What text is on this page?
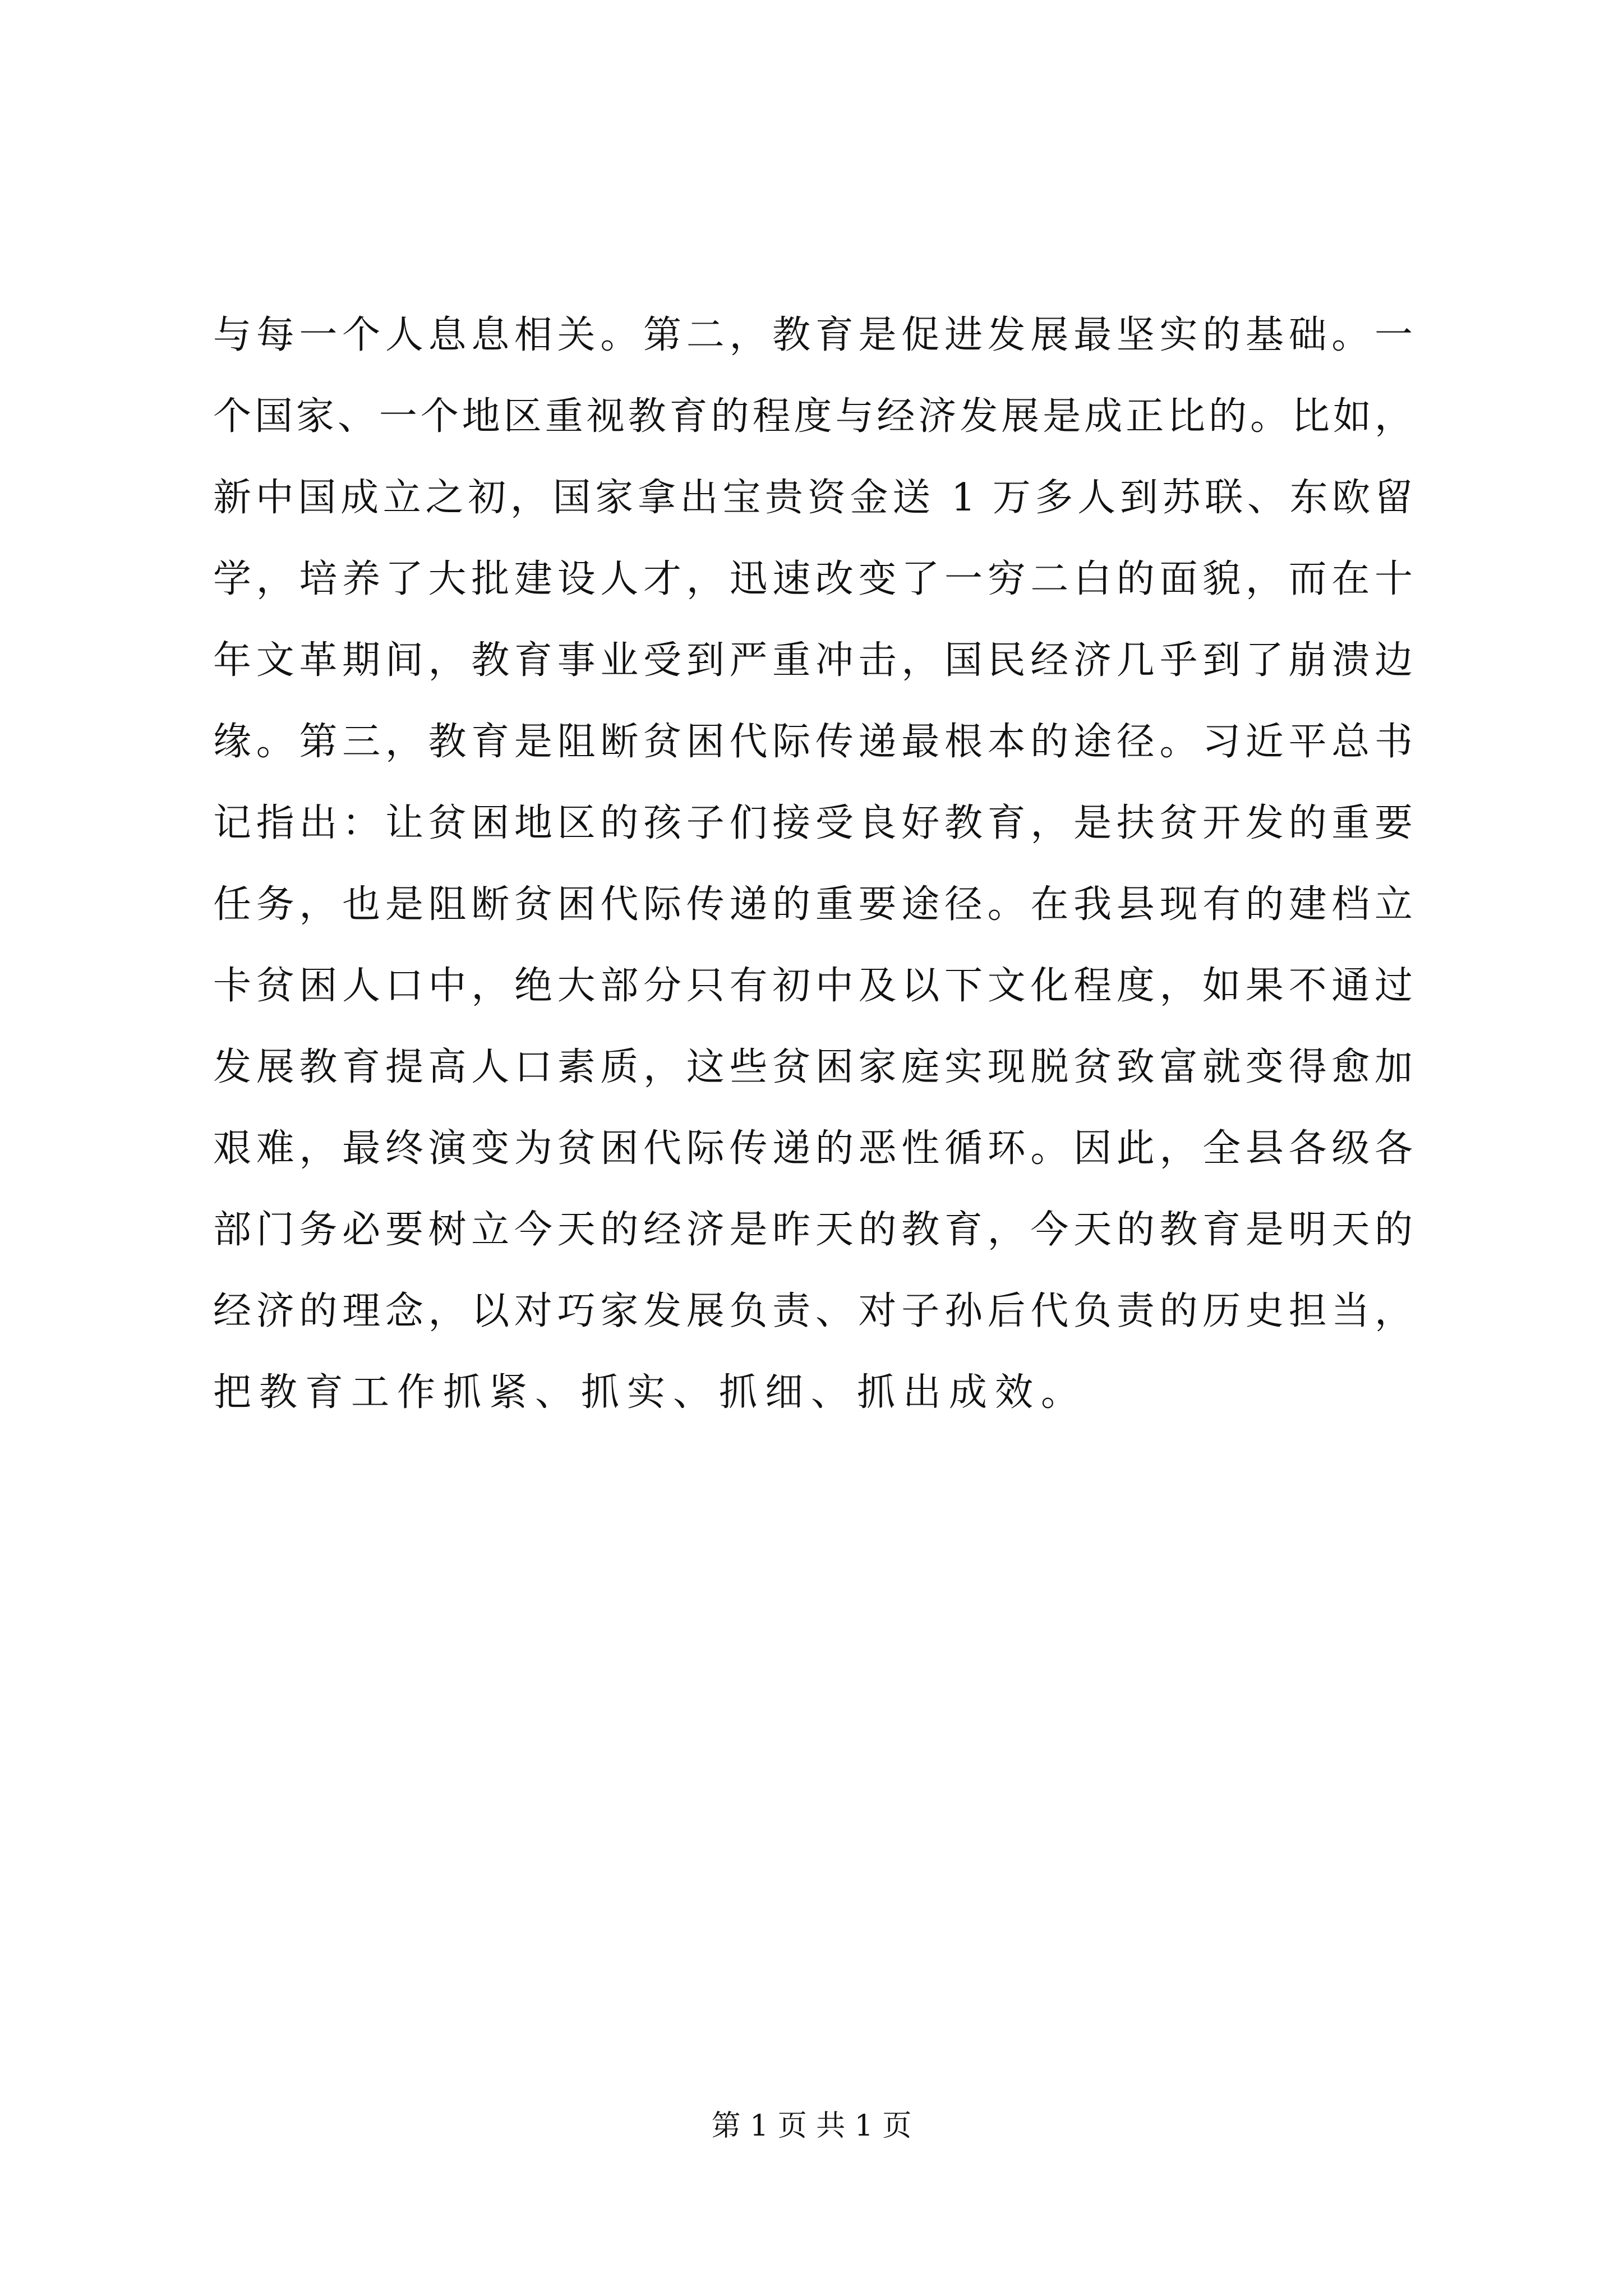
与每一个人息息相关。第二，教育是促进发展最坚实的基础。一
个国家、一个地区重视教育的程度与经济发展是成正比的。比如，
新中国成立之初，国家拿出宝贵资金送 1 万多人到苏联、东欧留
学，培养了大批建设人才，迅速改变了一穷二白的面貌，而在十
年文革期间，教育事业受到严重冲击，国民经济几乎到了崩溃边
缘。第三，教育是阻断贫困代际传递最根本的途径。习近平总书
记指出：让贫困地区的孩子们接受良好教育，是扶贫开发的重要
任务，也是阻断贫困代际传递的重要途径。在我县现有的建档立
卡贫困人口中，绝大部分只有初中及以下文化程度，如果不通过
发展教育提高人口素质，这些贫困家庭实现脱贫致富就变得愈加
艰难，最终演变为贫困代际传递的恶性循环。因此，全县各级各
部门务必要树立今天的经济是昨天的教育，今天的教育是明天的
经济的理念，以对巧家发展负责、对子孙后代负责的历史担当，
把教育工作抓紧、抓实、抓细、抓出成效。
第 1 页 共 1 页
